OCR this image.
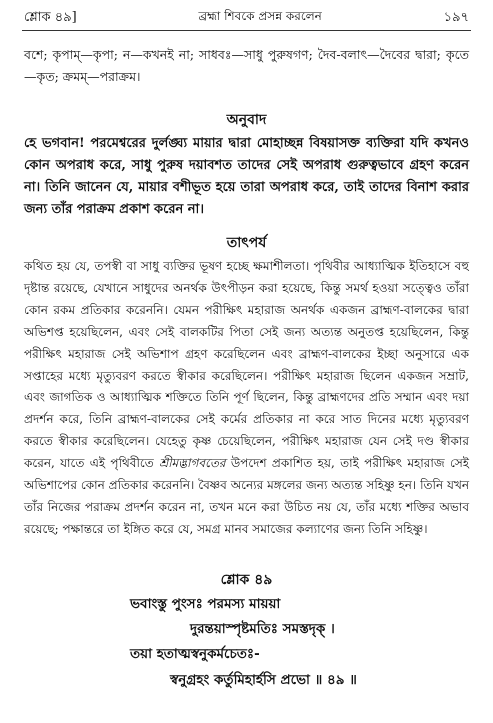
শ্লোক ৪৯]	ব্রহ্মা শিবকে প্রসন্ন করলেন	১৯৭
বশে; কৃপাম্—কৃপা; ন—কখনই না; সাধবঃ—সাধু পুরুষগণ; দৈব-বলাৎ—দৈবের দ্বারা; কৃতে—কৃত; ক্রমম্—পরাক্রম।
অনুবাদ
হে ভগবান! পরমেশ্বরের দুর্লঙ্ঘ্য মায়ার দ্বারা মোহাচ্ছন্ন বিষয়াসক্ত ব্যক্তিরা যদি কখনও কোন অপরাধ করে, সাধু পুরুষ দয়াবশত তাদের সেই অপরাধ গুরুত্বভাবে গ্রহণ করেন না। তিনি জানেন যে, মায়ার বশীভূত হয়ে তারা অপরাধ করে, তাই তাদের বিনাশ করার জন্য তাঁর পরাক্রম প্রকাশ করেন না।
তাৎপর্য
কথিত হয় যে, তপস্বী বা সাধু ব্যক্তির ভূষণ হচ্ছে ক্ষমাশীলতা। পৃথিবীর আধ্যাত্মিক ইতিহাসে বহু দৃষ্টান্ত রয়েছে, যেখানে সাধুদের অনর্থক উৎপীড়ন করা হয়েছে, কিন্তু সমর্থ হওয়া সত্ত্বেও তাঁরা কোন রকম প্রতিকার করেননি। যেমন পরীক্ষিৎ মহারাজ অনর্থক একজন ব্রাহ্মণ-বালকের দ্বারা অভিশপ্ত হয়েছিলেন, এবং সেই বালকটির পিতা সেই জন্য অত্যন্ত অনুতপ্ত হয়েছিলেন, কিন্তু পরীক্ষিৎ মহারাজ সেই অভিশাপ গ্রহণ করেছিলেন এবং ব্রাহ্মণ-বালকের ইচ্ছা অনুসারে এক সপ্তাহের মধ্যে মৃত্যুবরণ করতে স্বীকার করেছিলেন। পরীক্ষিৎ মহারাজ ছিলেন একজন সম্রাট, এবং জাগতিক ও আধ্যাত্মিক শক্তিতে তিনি পূর্ণ ছিলেন, কিন্তু ব্রাহ্মণদের প্রতি সম্মান এবং দয়া প্রদর্শন করে, তিনি ব্রাহ্মণ-বালকের সেই কর্মের প্রতিকার না করে সাত দিনের মধ্যে মৃত্যুবরণ করতে স্বীকার করেছিলেন। যেহেতু কৃষ্ণ চেয়েছিলেন, পরীক্ষিৎ মহারাজ যেন সেই দণ্ড স্বীকার করেন, যাতে এই পৃথিবীতে শ্রীমদ্ভাগবতের উপদেশ প্রকাশিত হয়, তাই পরীক্ষিৎ মহারাজ সেই অভিশাপের কোন প্রতিকার করেননি। বৈষ্ণব অন্যের মঙ্গলের জন্য অত্যন্ত সহিষ্ণু হন। তিনি যখন তাঁর নিজের পরাক্রম প্রদর্শন করেন না, তখন মনে করা উচিত নয় যে, তাঁর মধ্যে শক্তির অভাব রয়েছে; পক্ষান্তরে তা ইঙ্গিত করে যে, সমগ্র মানব সমাজের কল্যাণের জন্য তিনি সহিষ্ণু।
শ্লোক ৪৯
ভবাংস্তু পুংসঃ পরমস্য মায়য়া
দুরন্তয়াস্পৃষ্টমতিঃ সমস্তদৃক্ ।
তয়া হতাত্মস্বনুকর্মচেতঃ-
স্বনুগ্রহং কর্তুমিহার্হসি প্রভো ॥ ৪৯ ॥
